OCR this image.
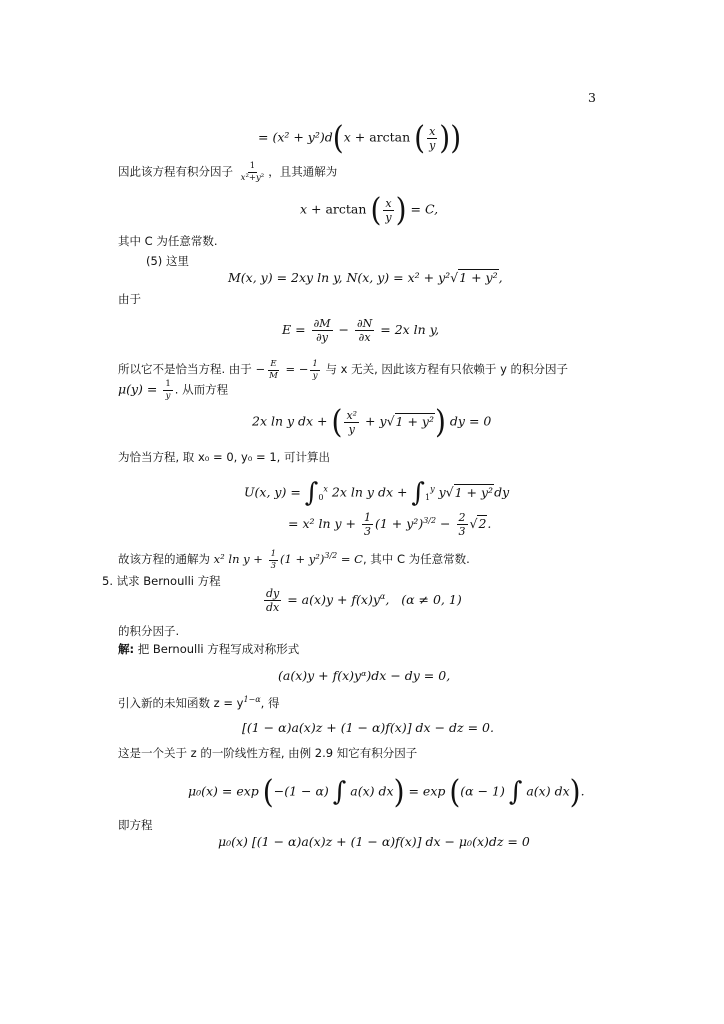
3
= (x² + y²)d(x + arctan ( $\frac{x}{y}$ ))
因此该方程有积分因子 $\frac{1}{\text{x²+y²}}$ ，且其通解为
x + arctan ( $\frac{x}{y}$ ) = C,
其中 C 为任意常数.
(5) 这里
M(x, y) = 2xy ln y, N(x, y) = x² + y²√1 + y²,
由于
$E = \frac{\partial M}{\partial y} - \frac{\partial N}{\partial x} = 2x$ ln y,
所以它不是恰当方程. 由于 − $\frac{E}{M}$ = − $\frac{1}{y}$ 与 x 无关, 因此该方程有只依赖于 y 的积分因子
$\mu(y) = \frac{1}{y}$ . 从而方程
2x ln y dx + ( $\frac{\text{x²}}{y} + y√1 + y^2$) dy = 0
为恰当方程, 取 x₀ = 0, y₀ = 1, 可计算出
U(x, $y) = \int_0^x$ 2x ln y dx + $\int_1^y$ y√1 + y²dy
= x² $\ln y + \frac{1}{3} (1 + y^2)^{3/2} - \frac{2}{3} √2$.
故该方程的通解为 x² $\ln y + \frac{1}{3} (1 + y^2)^{3/2} = C$, 其中 C 为任意常数.
5. 试求 Bernoulli 方程
$\frac{dy}{dx} = a(x)y + f(x)y^\alpha$,   (α ≠ 0, 1)
的积分因子.
解: 把 Bernoulli 方程写成对称形式
(a(x)y + f(x)yᵅ)dx − dy = 0,
引入新的未知函数 $z = y^{1-\alpha}$, 得
[(1 − α)a(x)z + (1 − α)f(x)] dx − dz = 0.
这是一个关于 z 的一阶线性方程, 由例 2.9 知它有积分因子
μ₀(x) = exp (−(1 − α) ∫ a(x) dx) = exp ((α − 1) ∫ a(x) dx).
即方程
μ₀(x) [(1 − α)a(x)z + (1 − α)f(x)] dx − μ₀(x)dz = 0
